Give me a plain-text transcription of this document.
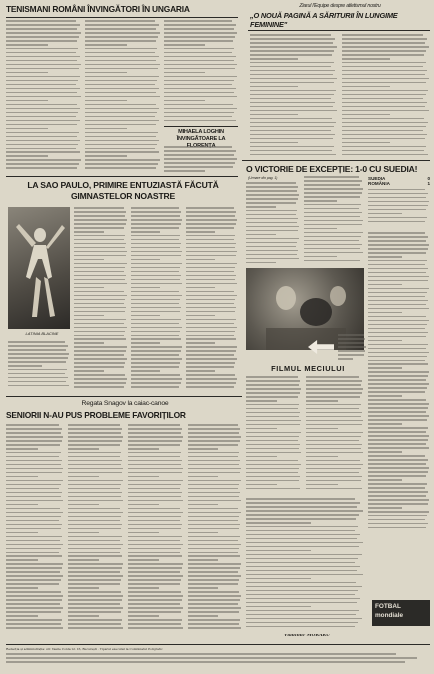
TENISMANI ROMÂNI ÎNVINGĂTORI ÎN UNGARIA
MIHAELA LOGHIN ÎNVINGĂTOARE LA
Ziarul l'Equipe despre atletismul nostru
„O NOUĂ PAGINĂ A SĂRITURII ÎN LUNGIME FEMININE"
LA SAO PAULO, PRIMIRE ENTUZIASTĂ FĂCUTĂ GIMNASTELOR NOASTRE
LATINIA BLACINE
O VICTORIE DE EXCEPȚIE: 1-0 CU SUEDIA!
(Urmare din pag. 1)	SUEDIA	0
ROMÂNIA	1
FILMUL MECIULUI
Regata Snagov la caiac-canoe
SENIORII N-AU PUS PROBLEME FAVORIȚILOR
Vladimir MORARU
FOTBAL mondiale
Redacția și administrația: str. Vasile Conta nr. 16, București · Tiparul executat la Combinatul Poligrafic
